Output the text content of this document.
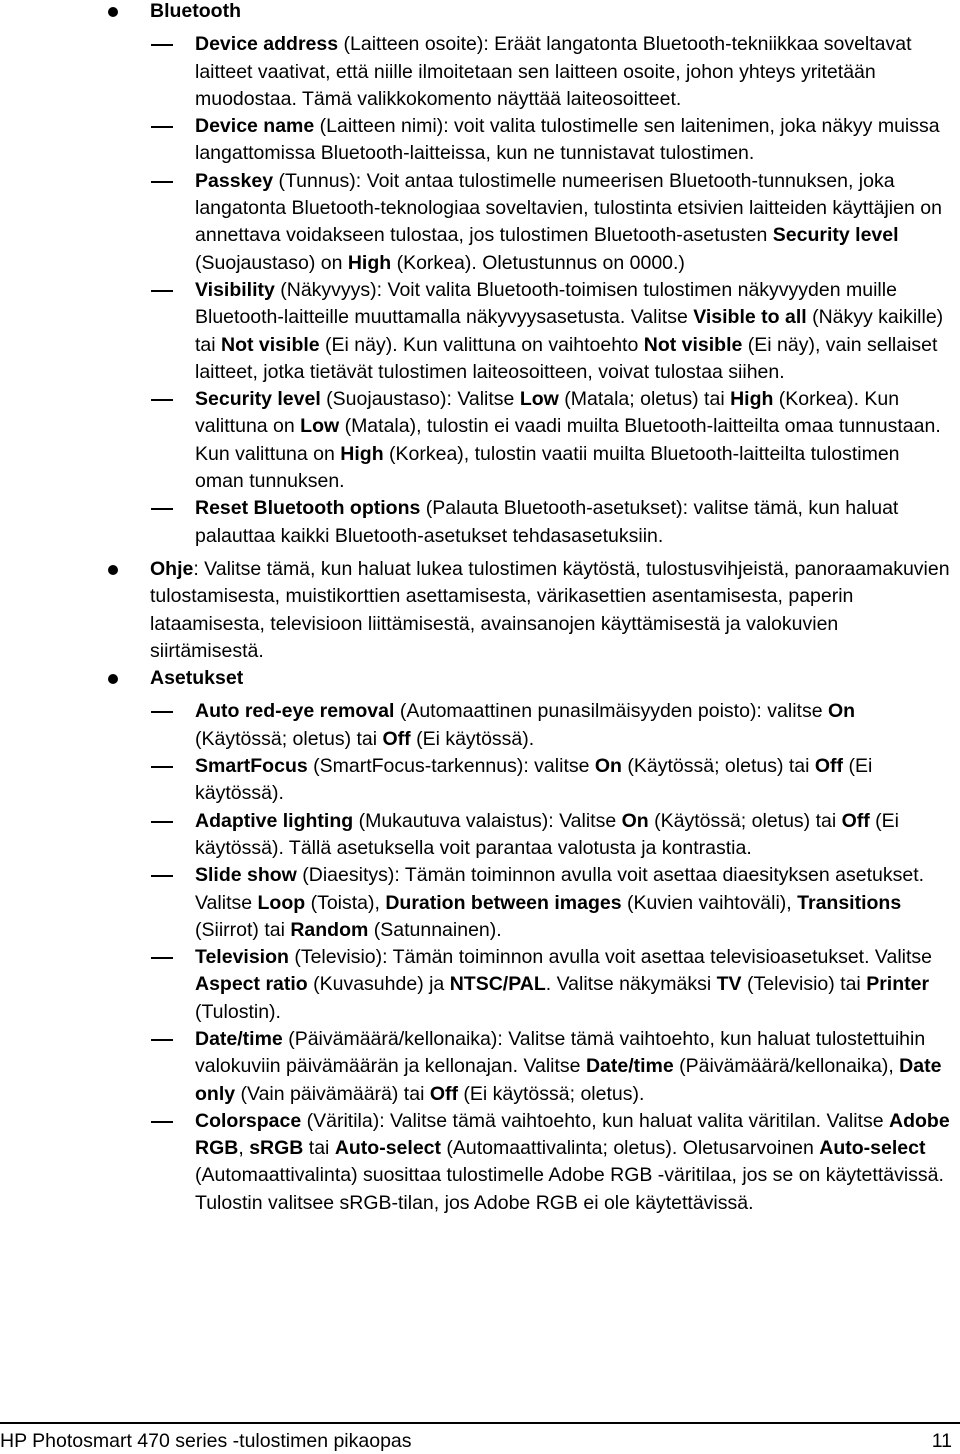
Bluetooth
Device address (Laitteen osoite): Eräät langatonta Bluetooth-tekniikkaa soveltavat laitteet vaativat, että niille ilmoitetaan sen laitteen osoite, johon yhteys yritetään muodostaa. Tämä valikkokomento näyttää laiteosoitteet.
Device name (Laitteen nimi): voit valita tulostimelle sen laitenimen, joka näkyy muissa langattomissa Bluetooth-laitteissa, kun ne tunnistavat tulostimen.
Passkey (Tunnus): Voit antaa tulostimelle numeerisen Bluetooth-tunnuksen, joka langatonta Bluetooth-teknologiaa soveltavien, tulostinta etsivien laitteiden käyttäjien on annettava voidakseen tulostaa, jos tulostimen Bluetooth-asetusten Security level (Suojaustaso) on High (Korkea). Oletustunnus on 0000.)
Visibility (Näkyvyys): Voit valita Bluetooth-toimisen tulostimen näkyvyyden muille Bluetooth-laitteille muuttamalla näkyvyysasetusta. Valitse Visible to all (Näkyy kaikille) tai Not visible (Ei näy). Kun valittuna on vaihtoehto Not visible (Ei näy), vain sellaiset laitteet, jotka tietävät tulostimen laiteosoitteen, voivat tulostaa siihen.
Security level (Suojaustaso): Valitse Low (Matala; oletus) tai High (Korkea). Kun valittuna on Low (Matala), tulostin ei vaadi muilta Bluetooth-laitteilta omaa tunnustaan. Kun valittuna on High (Korkea), tulostin vaatii muilta Bluetooth-laitteilta tulostimen oman tunnuksen.
Reset Bluetooth options (Palauta Bluetooth-asetukset): valitse tämä, kun haluat palauttaa kaikki Bluetooth-asetukset tehdasasetuksiin.
Ohje: Valitse tämä, kun haluat lukea tulostimen käytöstä, tulostusvihjeistä, panoraamakuvien tulostamisesta, muistikorttien asettamisesta, värikasettien asentamisesta, paperin lataamisesta, televisioon liittämisestä, avainsanojen käyttämisestä ja valokuvien siirtämisestä.
Asetukset
Auto red-eye removal (Automaattinen punasilmäisyyden poisto): valitse On (Käytössä; oletus) tai Off (Ei käytössä).
SmartFocus (SmartFocus-tarkennus): valitse On (Käytössä; oletus) tai Off (Ei käytössä).
Adaptive lighting (Mukautuva valaistus): Valitse On (Käytössä; oletus) tai Off (Ei käytössä). Tällä asetuksella voit parantaa valotusta ja kontrastia.
Slide show (Diaesitys): Tämän toiminnon avulla voit asettaa diaesityksen asetukset. Valitse Loop (Toista), Duration between images (Kuvien vaihtoväli), Transitions (Siirrot) tai Random (Satunnainen).
Television (Televisio): Tämän toiminnon avulla voit asettaa televisioasetukset. Valitse Aspect ratio (Kuvasuhde) ja NTSC/PAL. Valitse näkymäksi TV (Televisio) tai Printer (Tulostin).
Date/time (Päivämäärä/kellonaika): Valitse tämä vaihtoehto, kun haluat tulostettuihin valokuviin päivämäärän ja kellonajan. Valitse Date/time (Päivämäärä/kellonaika), Date only (Vain päivämäärä) tai Off (Ei käytössä; oletus).
Colorspace (Väritila): Valitse tämä vaihtoehto, kun haluat valita väritilan. Valitse Adobe RGB, sRGB tai Auto-select (Automaattivalinta; oletus). Oletusarvoinen Auto-select (Automaattivalinta) suosittaa tulostimelle Adobe RGB -väritilaa, jos se on käytettävissä. Tulostin valitsee sRGB-tilan, jos Adobe RGB ei ole käytettävissä.
HP Photosmart 470 series -tulostimen pikaopas	11
